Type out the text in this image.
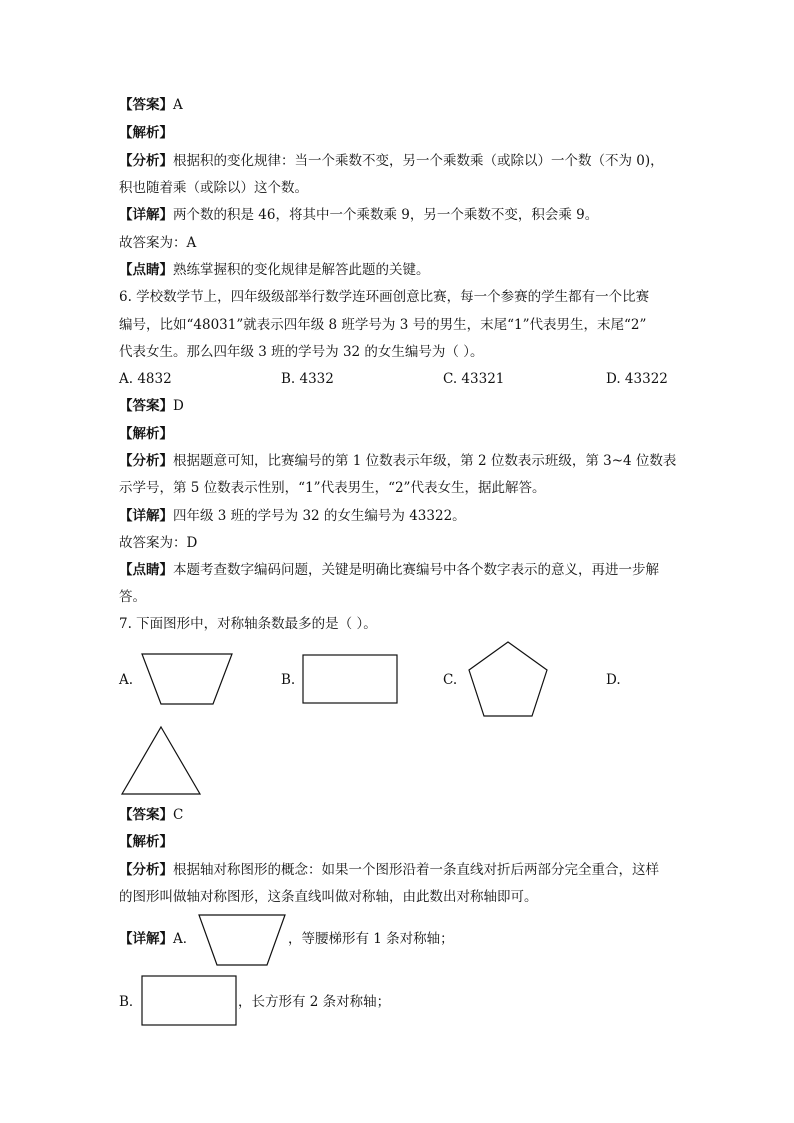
【答案】A
【解析】
【分析】根据积的变化规律：当一个乘数不变，另一个乘数乘（或除以）一个数（不为 0)，
积也随着乘（或除以）这个数。
【详解】两个数的积是 46，将其中一个乘数乘 9，另一个乘数不变，积会乘 9。
故答案为：A
【点睛】熟练掌握积的变化规律是解答此题的关键。
6. 学校数学节上，四年级级部举行数学连环画创意比赛，每一个参赛的学生都有一个比赛
编号，比如“48031”就表示四年级 8 班学号为 3 号的男生，末尾“1”代表男生，末尾“2”
代表女生。那么四年级 3 班的学号为 32 的女生编号为（ ）。
A. 4832	B. 4332	C. 43321	D. 43322
【答案】D
【解析】
【分析】根据题意可知，比赛编号的第 1 位数表示年级，第 2 位数表示班级，第 3~4 位数表
示学号，第 5 位数表示性别，“1”代表男生，“2”代表女生，据此解答。
【详解】四年级 3 班的学号为 32 的女生编号为 43322。
故答案为：D
【点睛】本题考查数字编码问题，关键是明确比赛编号中各个数字表示的意义，再进一步解
答。
7. 下面图形中，对称轴条数最多的是（ ）。
A.	B.	C.	D.
【答案】C
【解析】
【分析】根据轴对称图形的概念：如果一个图形沿着一条直线对折后两部分完全重合，这样
的图形叫做轴对称图形，这条直线叫做对称轴，由此数出对称轴即可。
【详解】A．	，等腰梯形有 1 条对称轴；
B．	，长方形有 2 条对称轴；
